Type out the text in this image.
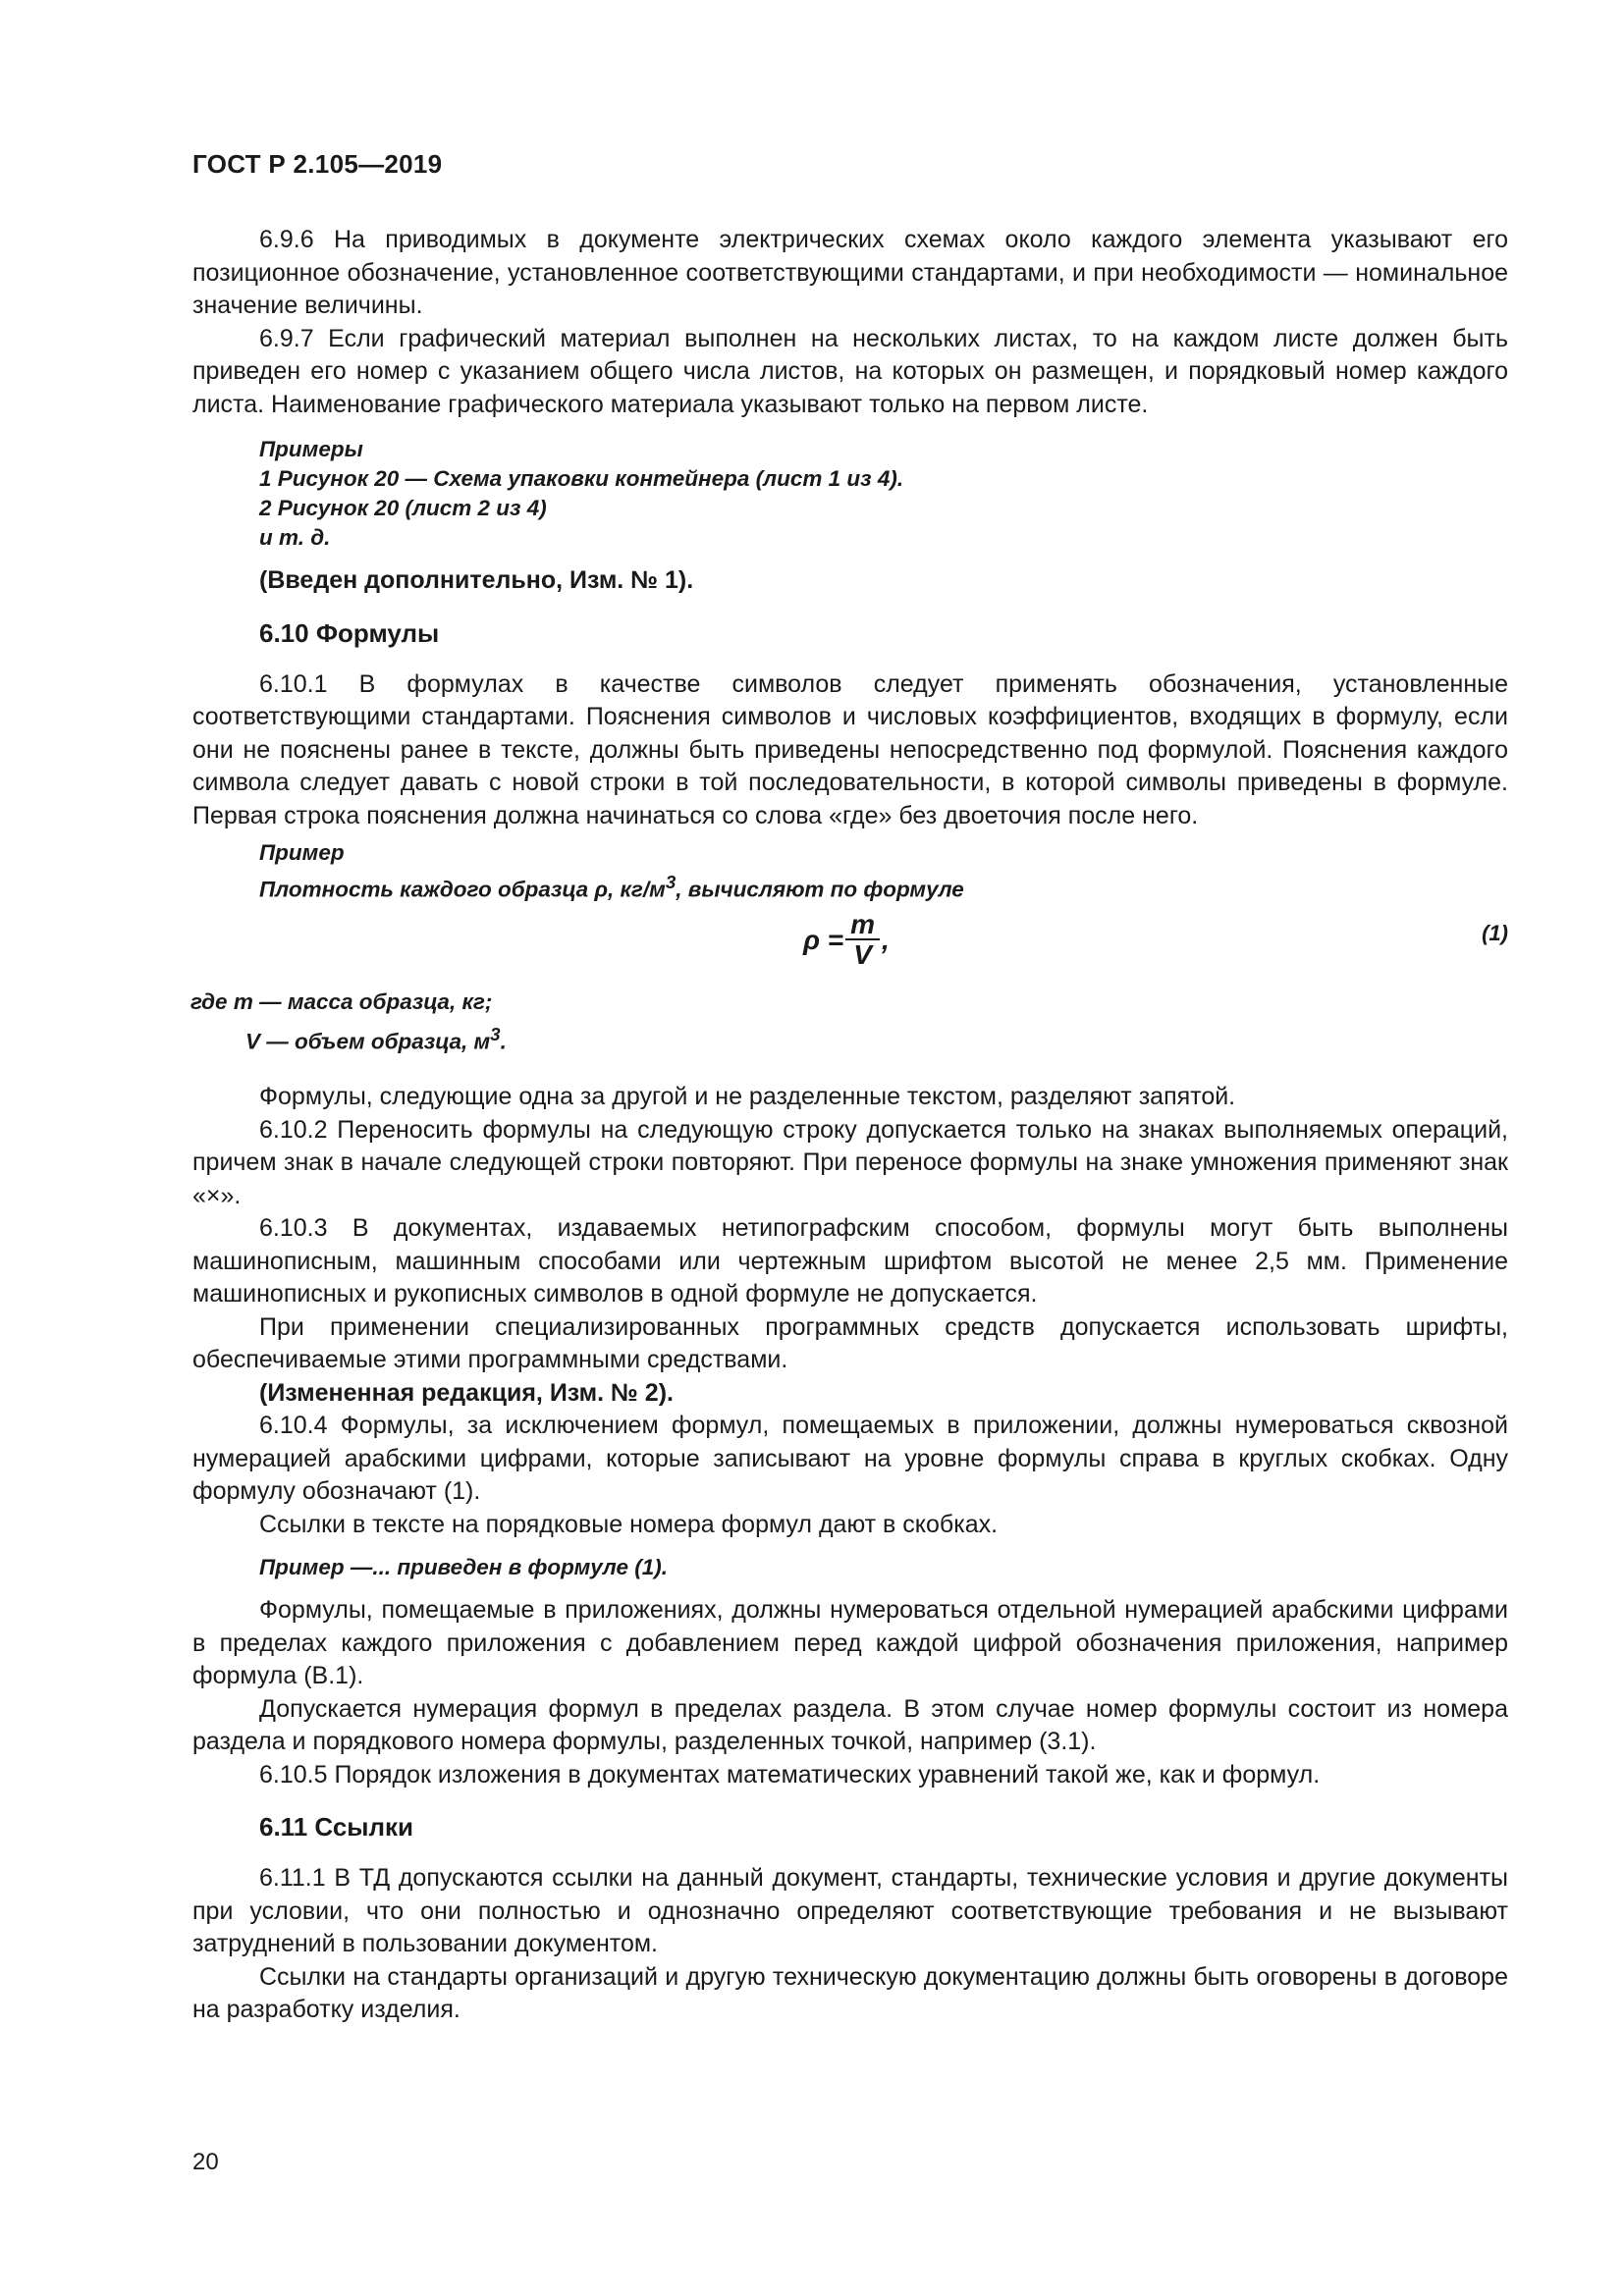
ГОСТ Р 2.105—2019

6.9.6 На приводимых в документе электрических схемах около каждого элемента указывают его позиционное обозначение, установленное соответствующими стандартами, и при необходимости — номинальное значение величины.

6.9.7 Если графический материал выполнен на нескольких листах, то на каждом листе должен быть приведен его номер с указанием общего числа листов, на которых он размещен, и порядковый номер каждого листа. Наименование графического материала указывают только на первом листе.

Примеры
1 Рисунок 20 — Схема упаковки контейнера (лист 1 из 4).
2 Рисунок 20 (лист 2 из 4)
и т. д.
(Введен дополнительно, Изм. № 1).
6.10 Формулы

6.10.1 В формулах в качестве символов следует применять обозначения, установленные соответствующими стандартами. Пояснения символов и числовых коэффициентов, входящих в формулу, если они не пояснены ранее в тексте, должны быть приведены непосредственно под формулой. Пояснения каждого символа следует давать с новой строки в той последовательности, в которой символы приведены в формуле. Первая строка пояснения должна начинаться со слова «где» без двоеточия после него.

Пример
Плотность каждого образца ρ, $кг/м^3$, вычисляют по формуле
$\rho = \frac{m}{V}$ ,	(1)
где m — масса образца, кг;
V — объем образца, $м^3$.

Формулы, следующие одна за другой и не разделенные текстом, разделяют запятой.

6.10.2 Переносить формулы на следующую строку допускается только на знаках выполняемых операций, причем знак в начале следующей строки повторяют. При переносе формулы на знаке умножения применяют знак «×».

6.10.3 В документах, издаваемых нетипографским способом, формулы могут быть выполнены машинописным, машинным способами или чертежным шрифтом высотой не менее 2,5 мм. Применение машинописных и рукописных символов в одной формуле не допускается.

При применении специализированных программных средств допускается использовать шрифты, обеспечиваемые этими программными средствами.

(Измененная редакция, Изм. № 2).

6.10.4 Формулы, за исключением формул, помещаемых в приложении, должны нумероваться сквозной нумерацией арабскими цифрами, которые записывают на уровне формулы справа в круглых скобках. Одну формулу обозначают (1).

Ссылки в тексте на порядковые номера формул дают в скобках.

Пример —... приведен в формуле (1).

Формулы, помещаемые в приложениях, должны нумероваться отдельной нумерацией арабскими цифрами в пределах каждого приложения с добавлением перед каждой цифрой обозначения приложения, например формула (В.1).

Допускается нумерация формул в пределах раздела. В этом случае номер формулы состоит из номера раздела и порядкового номера формулы, разделенных точкой, например (3.1).

6.10.5 Порядок изложения в документах математических уравнений такой же, как и формул.

6.11 Ссылки

6.11.1 В ТД допускаются ссылки на данный документ, стандарты, технические условия и другие документы при условии, что они полностью и однозначно определяют соответствующие требования и не вызывают затруднений в пользовании документом.

Ссылки на стандарты организаций и другую техническую документацию должны быть оговорены в договоре на разработку изделия.

20
